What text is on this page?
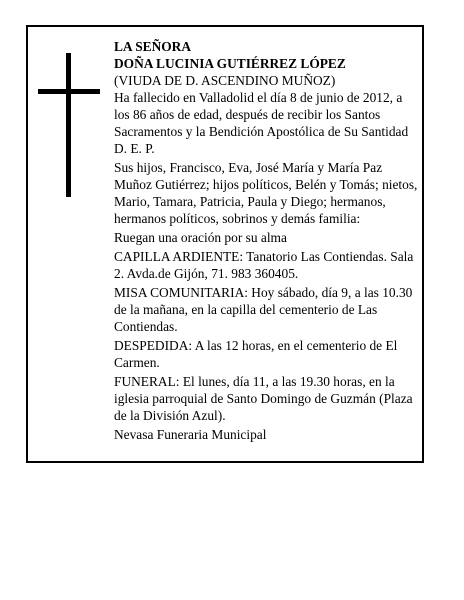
LA SEÑORA
DOÑA LUCINIA GUTIÉRREZ LÓPEZ
(VIUDA DE D. ASCENDINO MUÑOZ)
Ha fallecido en Valladolid el día 8 de junio de 2012, a los 86 años de edad, después de recibir los Santos Sacramentos y la Bendición Apostólica de Su Santidad
D. E. P.
Sus hijos, Francisco, Eva, José María y María Paz Muñoz Gutiérrez; hijos políticos, Belén y Tomás; nietos, Mario, Tamara, Patricia, Paula y Diego; hermanos, hermanos políticos, sobrinos y demás familia:
Ruegan una oración por su alma
CAPILLA ARDIENTE: Tanatorio Las Contiendas. Sala 2. Avda.de Gijón, 71. 983 360405.
MISA COMUNITARIA: Hoy sábado, día 9, a las 10.30 de la mañana, en la capilla del cementerio de Las Contiendas.
DESPEDIDA: A las 12 horas, en el cementerio de El Carmen.
FUNERAL: El lunes, día 11, a las 19.30 horas, en la iglesia parroquial de Santo Domingo de Guzmán (Plaza de la División Azul).
Nevasa Funeraria Municipal
